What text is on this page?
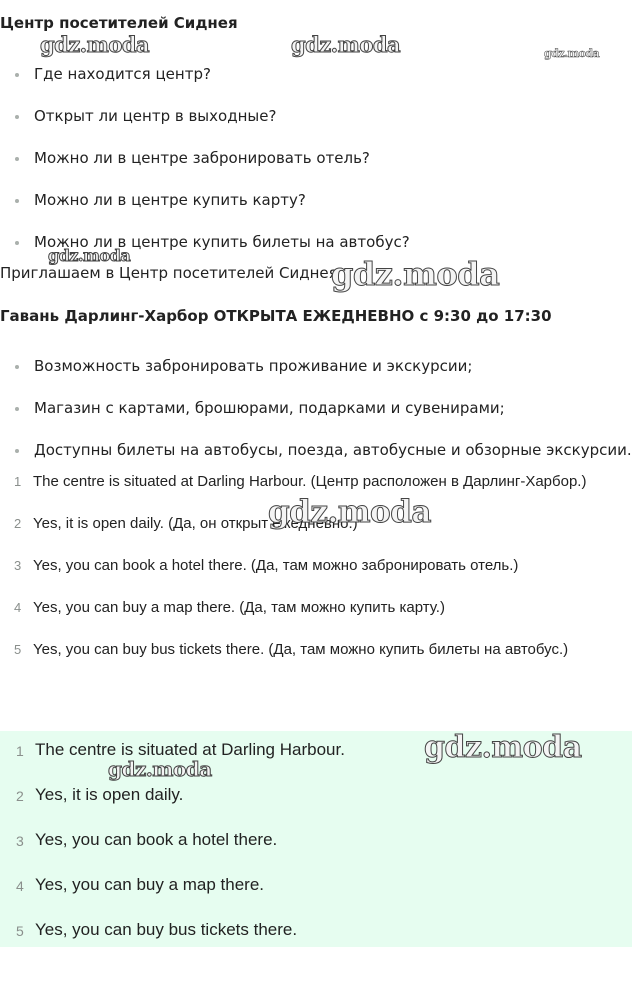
Центр посетителей Сиднея
Где находится центр?
Открыт ли центр в выходные?
Можно ли в центре забронировать отель?
Можно ли в центре купить карту?
Можно ли в центре купить билеты на автобус?
Приглашаем в Центр посетителей Сиднея
Гавань Дарлинг-Харбор ОТКРЫТА ЕЖЕДНЕВНО с 9:30 до 17:30
Возможность забронировать проживание и экскурсии;
Магазин с картами, брошюрами, подарками и сувенирами;
Доступны билеты на автобусы, поезда, автобусные и обзорные экскурсии.
1 The centre is situated at Darling Harbour. (Центр расположен в Дарлинг-Харбор.)
2 Yes, it is open daily. (Да, он открыт ежедневно.)
3 Yes, you can book a hotel there. (Да, там можно забронировать отель.)
4 Yes, you can buy a map there. (Да, там можно купить карту.)
5 Yes, you can buy bus tickets there. (Да, там можно купить билеты на автобус.)
1 The centre is situated at Darling Harbour.
2 Yes, it is open daily.
3 Yes, you can book a hotel there.
4 Yes, you can buy a map there.
5 Yes, you can buy bus tickets there.
gdz.moda	gdz.moda	gdz.moda
gdz.moda	gdz.moda
gdz.moda
gdz.moda
gdz.moda
